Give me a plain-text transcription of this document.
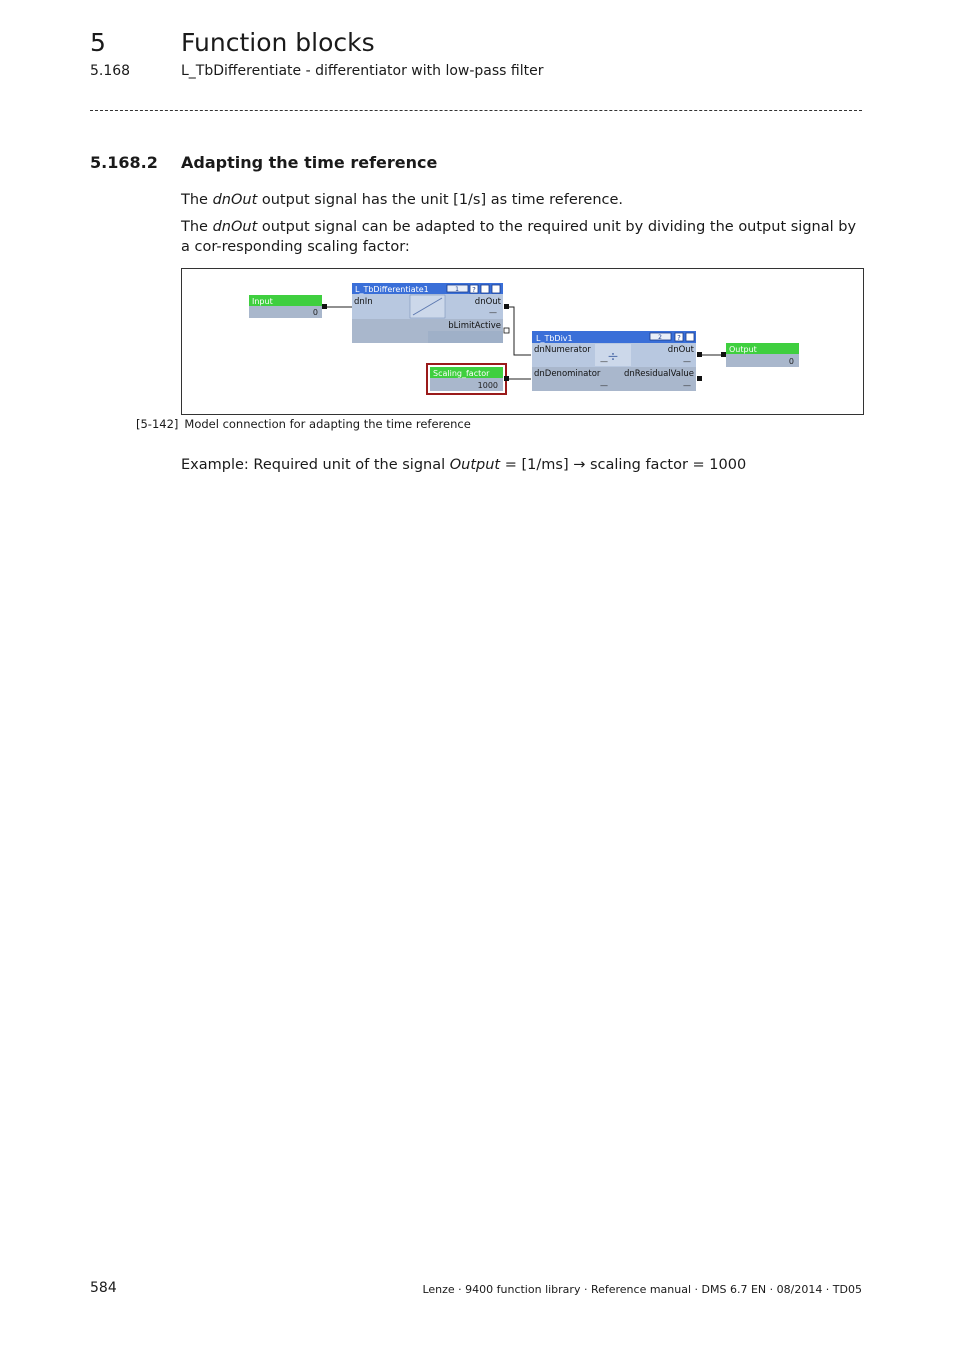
5	Function blocks
5.168	L_TbDifferentiate - differentiator with low-pass filter
5.168.2 Adapting the time reference
The dnOut output signal has the unit [1/s] as time reference.
The dnOut output signal can be adapted to the required unit by dividing the output signal by a cor-responding scaling factor:
Input
0
L_TbDifferentiate1	1 ?
dnIn	dnOut
—
bLimitActive
L_TbDiv1	2 ?
÷
dnNumerator
—
dnOut
—
dnDenominator
—
dnResidualValue
—
Scaling_factor
1000
Output
0
[5-142] Model connection for adapting the time reference
Example: Required unit of the signal Output = [1/ms] → scaling factor = 1000
584	Lenze · 9400 function library · Reference manual · DMS 6.7 EN · 08/2014 · TD05
